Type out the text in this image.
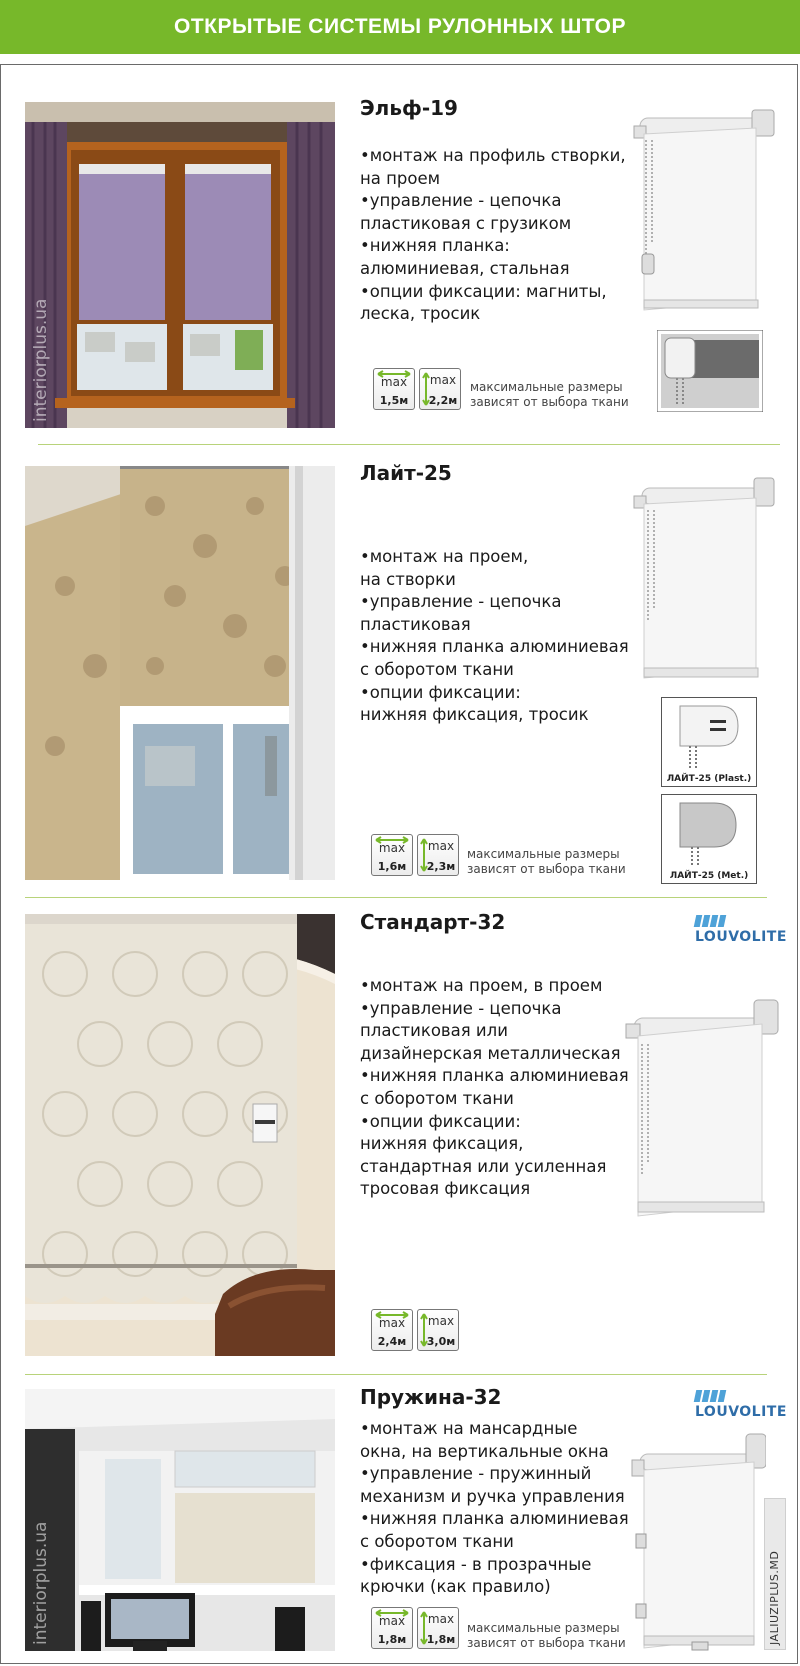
ОТКРЫТЫЕ СИСТЕМЫ РУЛОННЫХ ШТОР
interiorplus.ua
Эльф-19
•монтаж на профиль створки,
на проем
•управление - цепочка
пластиковая с грузиком
•нижняя планка:
алюминиевая, стальная
•опции фиксации: магниты,
леска, тросик
max
1,5м
max
2,2м
максимальные размеры
зависят от выбора ткани
Лайт-25
•монтаж на проем,
на створки
•управление - цепочка
пластиковая
•нижняя планка алюминиевая
с оборотом ткани
•опции фиксации:
нижняя фиксация, тросик
max
1,6м
max
2,3м
максимальные размеры
зависят от выбора ткани
ЛАЙТ-25 (Plast.)
ЛАЙТ-25 (Met.)
Стандарт-32
LOUVOLITE
•монтаж на проем, в проем
•управление - цепочка
пластиковая или
дизайнерская металлическая
•нижняя планка алюминиевая
с оборотом ткани
•опции фиксации:
нижняя фиксация,
стандартная или усиленная
тросовая фиксация
max
2,4м
max
3,0м
interiorplus.ua
Пружина-32
LOUVOLITE
•монтаж на мансардные
окна, на вертикальные окна
•управление - пружинный
механизм и ручка управления
•нижняя планка алюминиевая
с оборотом ткани
•фиксация - в прозрачные
крючки (как правило)
max
1,8м
max
1,8м
максимальные размеры
зависят от выбора ткани	JALIUZIPLUS.MD
